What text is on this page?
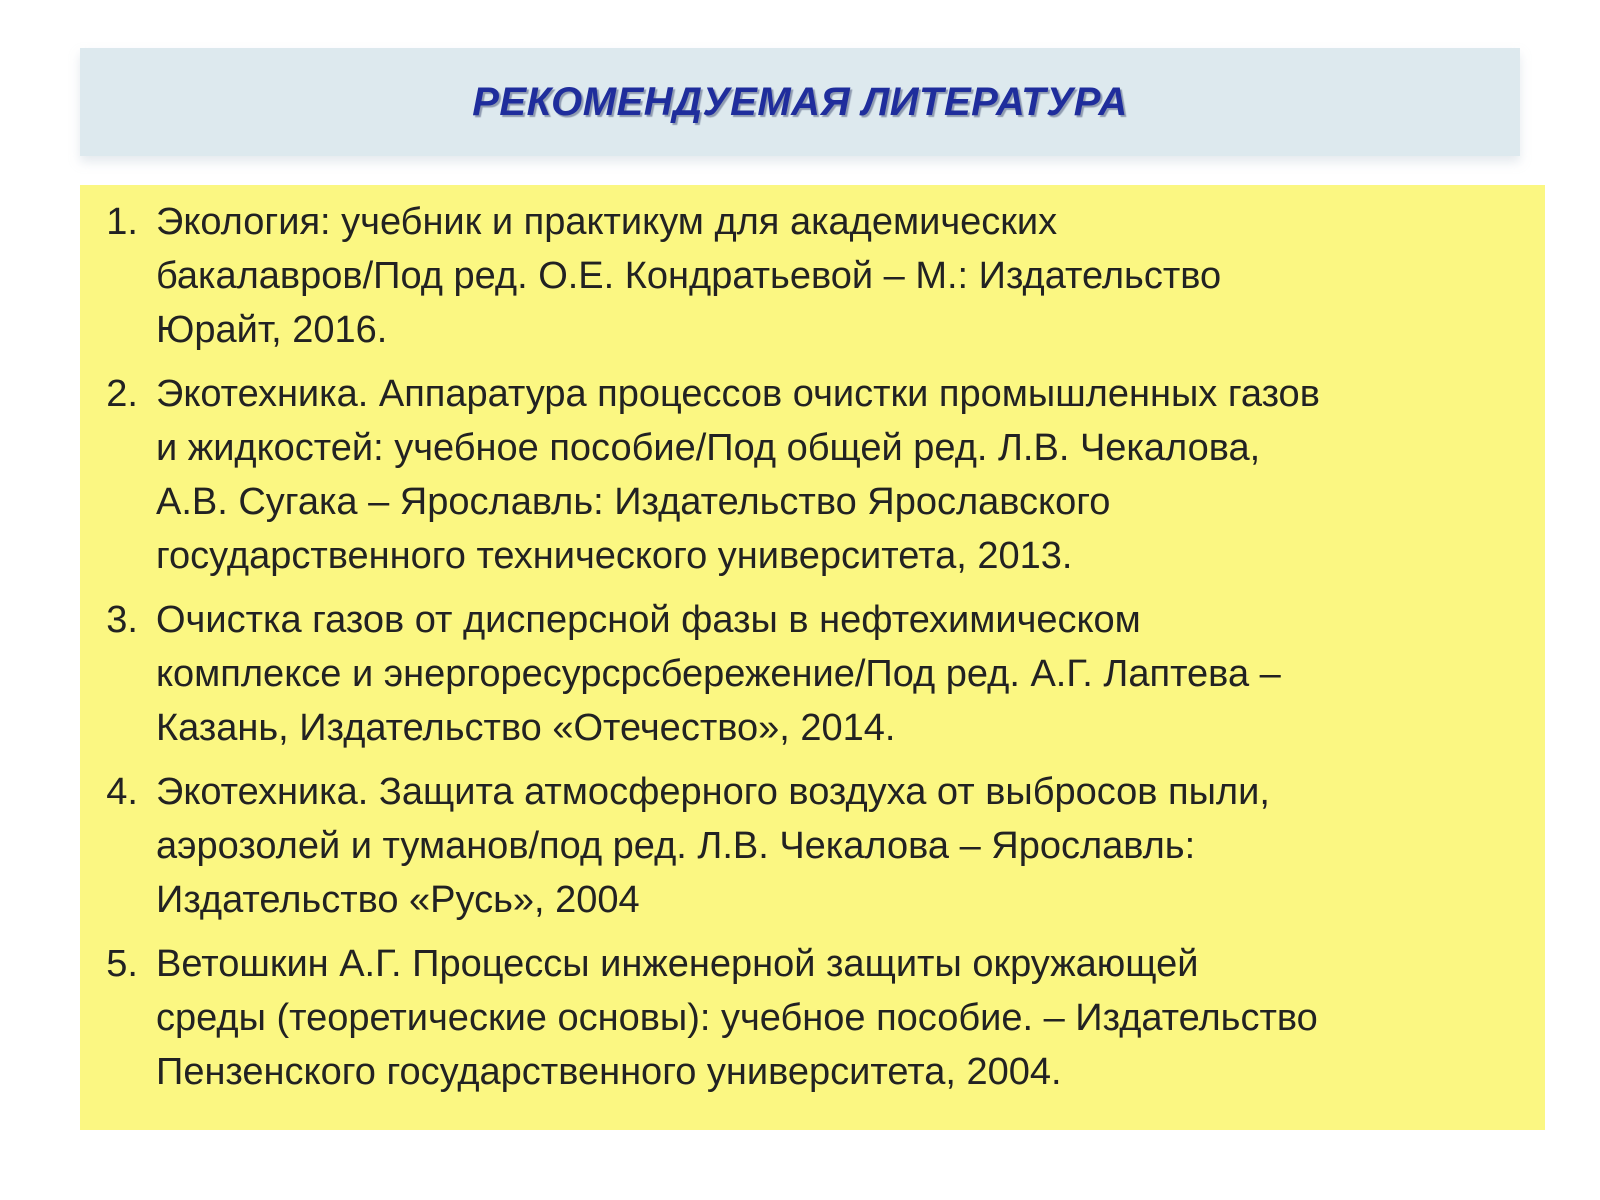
РЕКОМЕНДУЕМАЯ ЛИТЕРАТУРА
1. Экология: учебник и практикум для академических
бакалавров/Под ред. О.Е. Кондратьевой – М.: Издательство
Юрайт, 2016.
2. Экотехника. Аппаратура процессов очистки промышленных газов
и жидкостей: учебное пособие/Под общей ред. Л.В. Чекалова,
А.В. Сугака – Ярославль: Издательство Ярославского
государственного технического университета, 2013.
3. Очистка газов от дисперсной фазы в нефтехимическом
комплексе и энергоресурсрсбережение/Под ред. А.Г. Лаптева –
Казань, Издательство «Отечество», 2014.
4. Экотехника. Защита атмосферного воздуха от выбросов пыли,
аэрозолей и туманов/под ред. Л.В. Чекалова – Ярославль:
Издательство «Русь», 2004
5. Ветошкин А.Г. Процессы инженерной защиты окружающей
среды (теоретические основы): учебное пособие. – Издательство
Пензенского государственного университета, 2004.
